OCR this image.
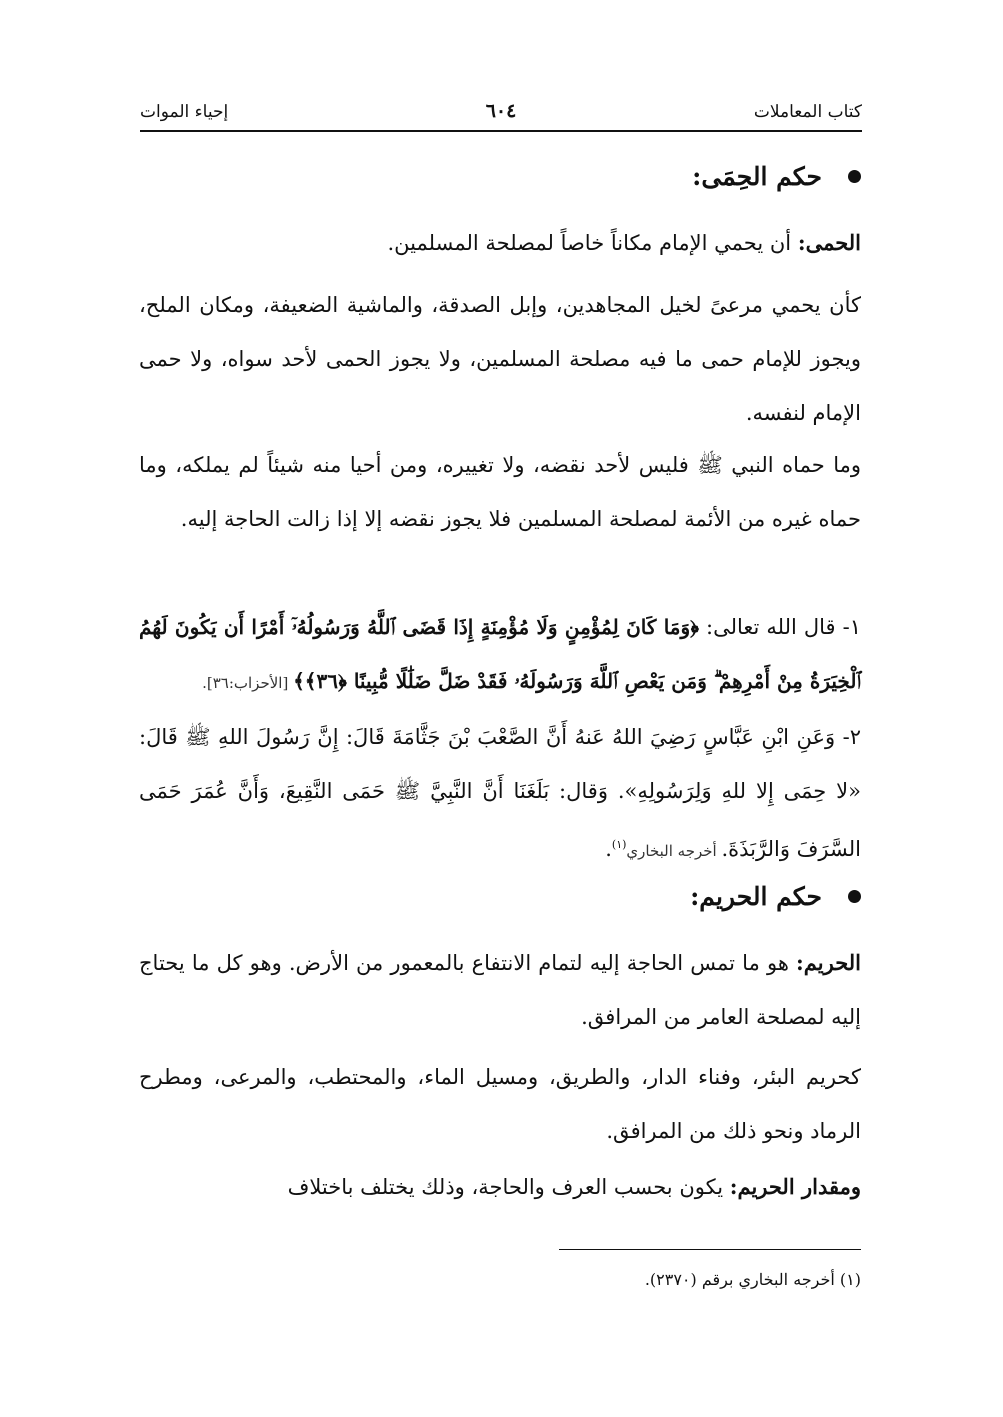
كتاب المعاملات
٦٠٤
إحياء الموات
حكم الحِمَى:
الحمى: أن يحمي الإمام مكاناً خاصاً لمصلحة المسلمين.
كأن يحمي مرعىً لخيل المجاهدين، وإبل الصدقة، والماشية الضعيفة، ومكان الملح، ويجوز للإمام حمى ما فيه مصلحة المسلمين، ولا يجوز الحمى لأحد سواه، ولا حمى الإمام لنفسه.
وما حماه النبي ﷺ فليس لأحد نقضه، ولا تغييره، ومن أحيا منه شيئاً لم يملكه، وما حماه غيره من الأئمة لمصلحة المسلمين فلا يجوز نقضه إلا إذا زالت الحاجة إليه.
١- قال الله تعالى: ﴿وَمَا كَانَ لِمُؤْمِنٍ وَلَا مُؤْمِنَةٍ إِذَا قَضَى ٱللَّهُ وَرَسُولُهُۥٓ أَمْرًا أَن يَكُونَ لَهُمُ ٱلْخِيَرَةُ مِنْ أَمْرِهِمْ ۗ وَمَن يَعْصِ ٱللَّهَ وَرَسُولَهُۥ فَقَدْ ضَلَّ ضَلَٰلًا مُّبِينًا ﴿٣٦﴾﴾ [الأحزاب:٣٦].
٢- وَعَنِ ابْنِ عَبَّاسٍ رَضِيَ اللهُ عَنهُ أَنَّ الصَّعْبَ بْنَ جَثَّامَةَ قَالَ: إِنَّ رَسُولَ اللهِ ﷺ قَالَ: «لا حِمَى إِلا للهِ وَلِرَسُولِهِ». وَقال: بَلَغَنَا أَنَّ النَّبِيَّ ﷺ حَمَى النَّقِيعَ، وَأَنَّ عُمَرَ حَمَى السَّرَفَ وَالرَّبَذَةَ. أخرجه البخاري$^{(١)}$.
حكم الحريم:
الحريم: هو ما تمس الحاجة إليه لتمام الانتفاع بالمعمور من الأرض. وهو كل ما يحتاج إليه لمصلحة العامر من المرافق.
كحريم البئر، وفناء الدار، والطريق، ومسيل الماء، والمحتطب، والمرعى، ومطرح الرماد ونحو ذلك من المرافق.
ومقدار الحريم: يكون بحسب العرف والحاجة، وذلك يختلف باختلاف
(١) أخرجه البخاري برقم (٢٣٧٠).
